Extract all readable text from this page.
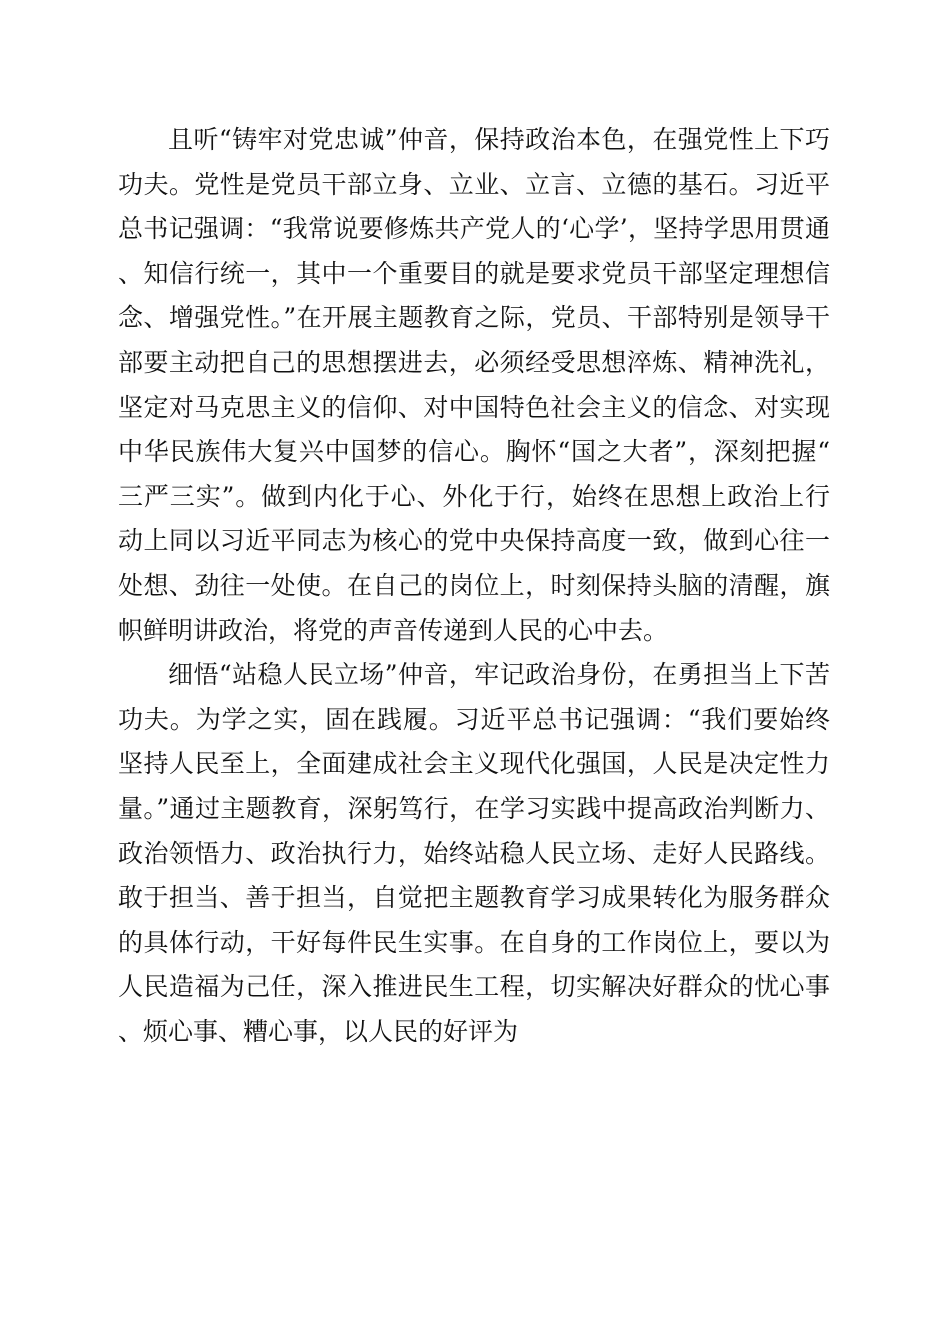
且听“铸牢对党忠诚”仲音，保持政治本色，在强党性上下巧功夫。党性是党员干部立身、立业、立言、立德的基石。习近平总书记强调：“我常说要修炼共产党人的‘心学’，坚持学思用贯通、知信行统一，其中一个重要目的就是要求党员干部坚定理想信念、增强党性。”在开展主题教育之际，党员、干部特别是领导干部要主动把自己的思想摆进去，必须经受思想淬炼、精神洗礼，坚定对马克思主义的信仰、对中国特色社会主义的信念、对实现中华民族伟大复兴中国梦的信心。胸怀“国之大者”，深刻把握“三严三实”。做到内化于心、外化于行，始终在思想上政治上行动上同以习近平同志为核心的党中央保持高度一致，做到心往一处想、劲往一处使。在自己的岗位上，时刻保持头脑的清醒，旗帜鲜明讲政治，将党的声音传递到人民的心中去。

细悟“站稳人民立场”仲音，牢记政治身份，在勇担当上下苦功夫。为学之实，固在践履。习近平总书记强调：“我们要始终坚持人民至上，全面建成社会主义现代化强国，人民是决定性力量。”通过主题教育，深躬笃行，在学习实践中提高政治判断力、政治领悟力、政治执行力，始终站稳人民立场、走好人民路线。敢于担当、善于担当，自觉把主题教育学习成果转化为服务群众的具体行动，干好每件民生实事。在自身的工作岗位上，要以为人民造福为己任，深入推进民生工程，切实解决好群众的忧心事、烦心事、糟心事，以人民的好评为
